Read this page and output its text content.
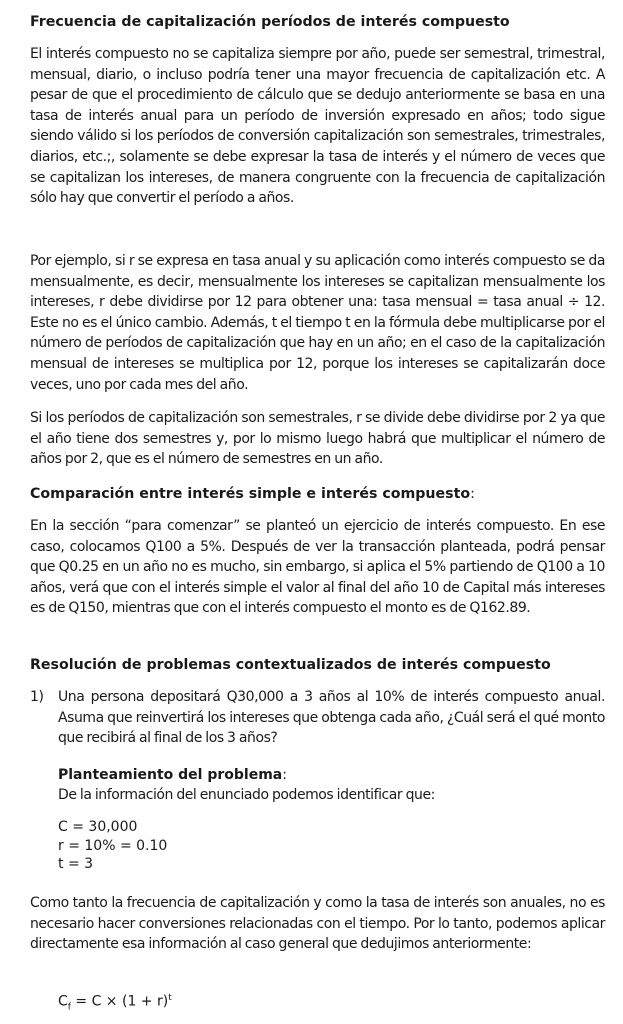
Frecuencia de capitalización períodos de interés compuesto

El interés compuesto no se capitaliza siempre por año, puede ser semestral, trimestral, mensual, diario, o incluso podría tener una mayor frecuencia de capitalización etc. A pesar de que el procedimiento de cálculo que se dedujo anteriormente se basa en una tasa de interés anual para un período de inversión expresado en años; todo sigue siendo válido si los períodos de conversión capitalización son semestrales, trimestrales, diarios, etc.;, solamente se debe expresar la tasa de interés y el número de veces que se capitalizan los intereses, de manera congruente con la frecuencia de capitalización sólo hay que convertir el período a años.

Por ejemplo, si r se expresa en tasa anual y su aplicación como interés compuesto se da mensualmente, es decir, mensualmente los intereses se capitalizan mensualmente los intereses, r debe dividirse por 12 para obtener una: tasa mensual = tasa anual ÷ 12. Este no es el único cambio. Además, t el tiempo t en la fórmula debe multiplicarse por el número de períodos de capitalización que hay en un año; en el caso de la capitalización mensual de intereses se multiplica por 12, porque los intereses se capitalizarán doce veces, uno por cada mes del año.

Si los períodos de capitalización son semestrales, r se divide debe dividirse por 2 ya que el año tiene dos semestres y, por lo mismo luego habrá que multiplicar el número de años por 2, que es el número de semestres en un año.

Comparación entre interés simple e interés compuesto:

En la sección “para comenzar” se planteó un ejercicio de interés compuesto. En ese caso, colocamos Q100 a 5%. Después de ver la transacción planteada, podrá pensar que Q0.25 en un año no es mucho, sin embargo, si aplica el 5% partiendo de Q100 a 10 años, verá que con el interés simple el valor al final del año 10 de Capital más intereses es de Q150, mientras que con el interés compuesto el monto es de Q162.89.

Resolución de problemas contextualizados de interés compuesto

1) Una persona depositará Q30,000 a 3 años al 10% de interés compuesto anual. Asuma que reinvertirá los intereses que obtenga cada año, ¿Cuál será el qué monto que recibirá al final de los 3 años?

Planteamiento del problema:

De la información del enunciado podemos identificar que:

C = 30,000
r = 10% = 0.10
t = 3

Como tanto la frecuencia de capitalización y como la tasa de interés son anuales, no es necesario hacer conversiones relacionadas con el tiempo. Por lo tanto, podemos aplicar directamente esa información al caso general que dedujimos anteriormente:

$C_f = C \times (1 + r)^t$
